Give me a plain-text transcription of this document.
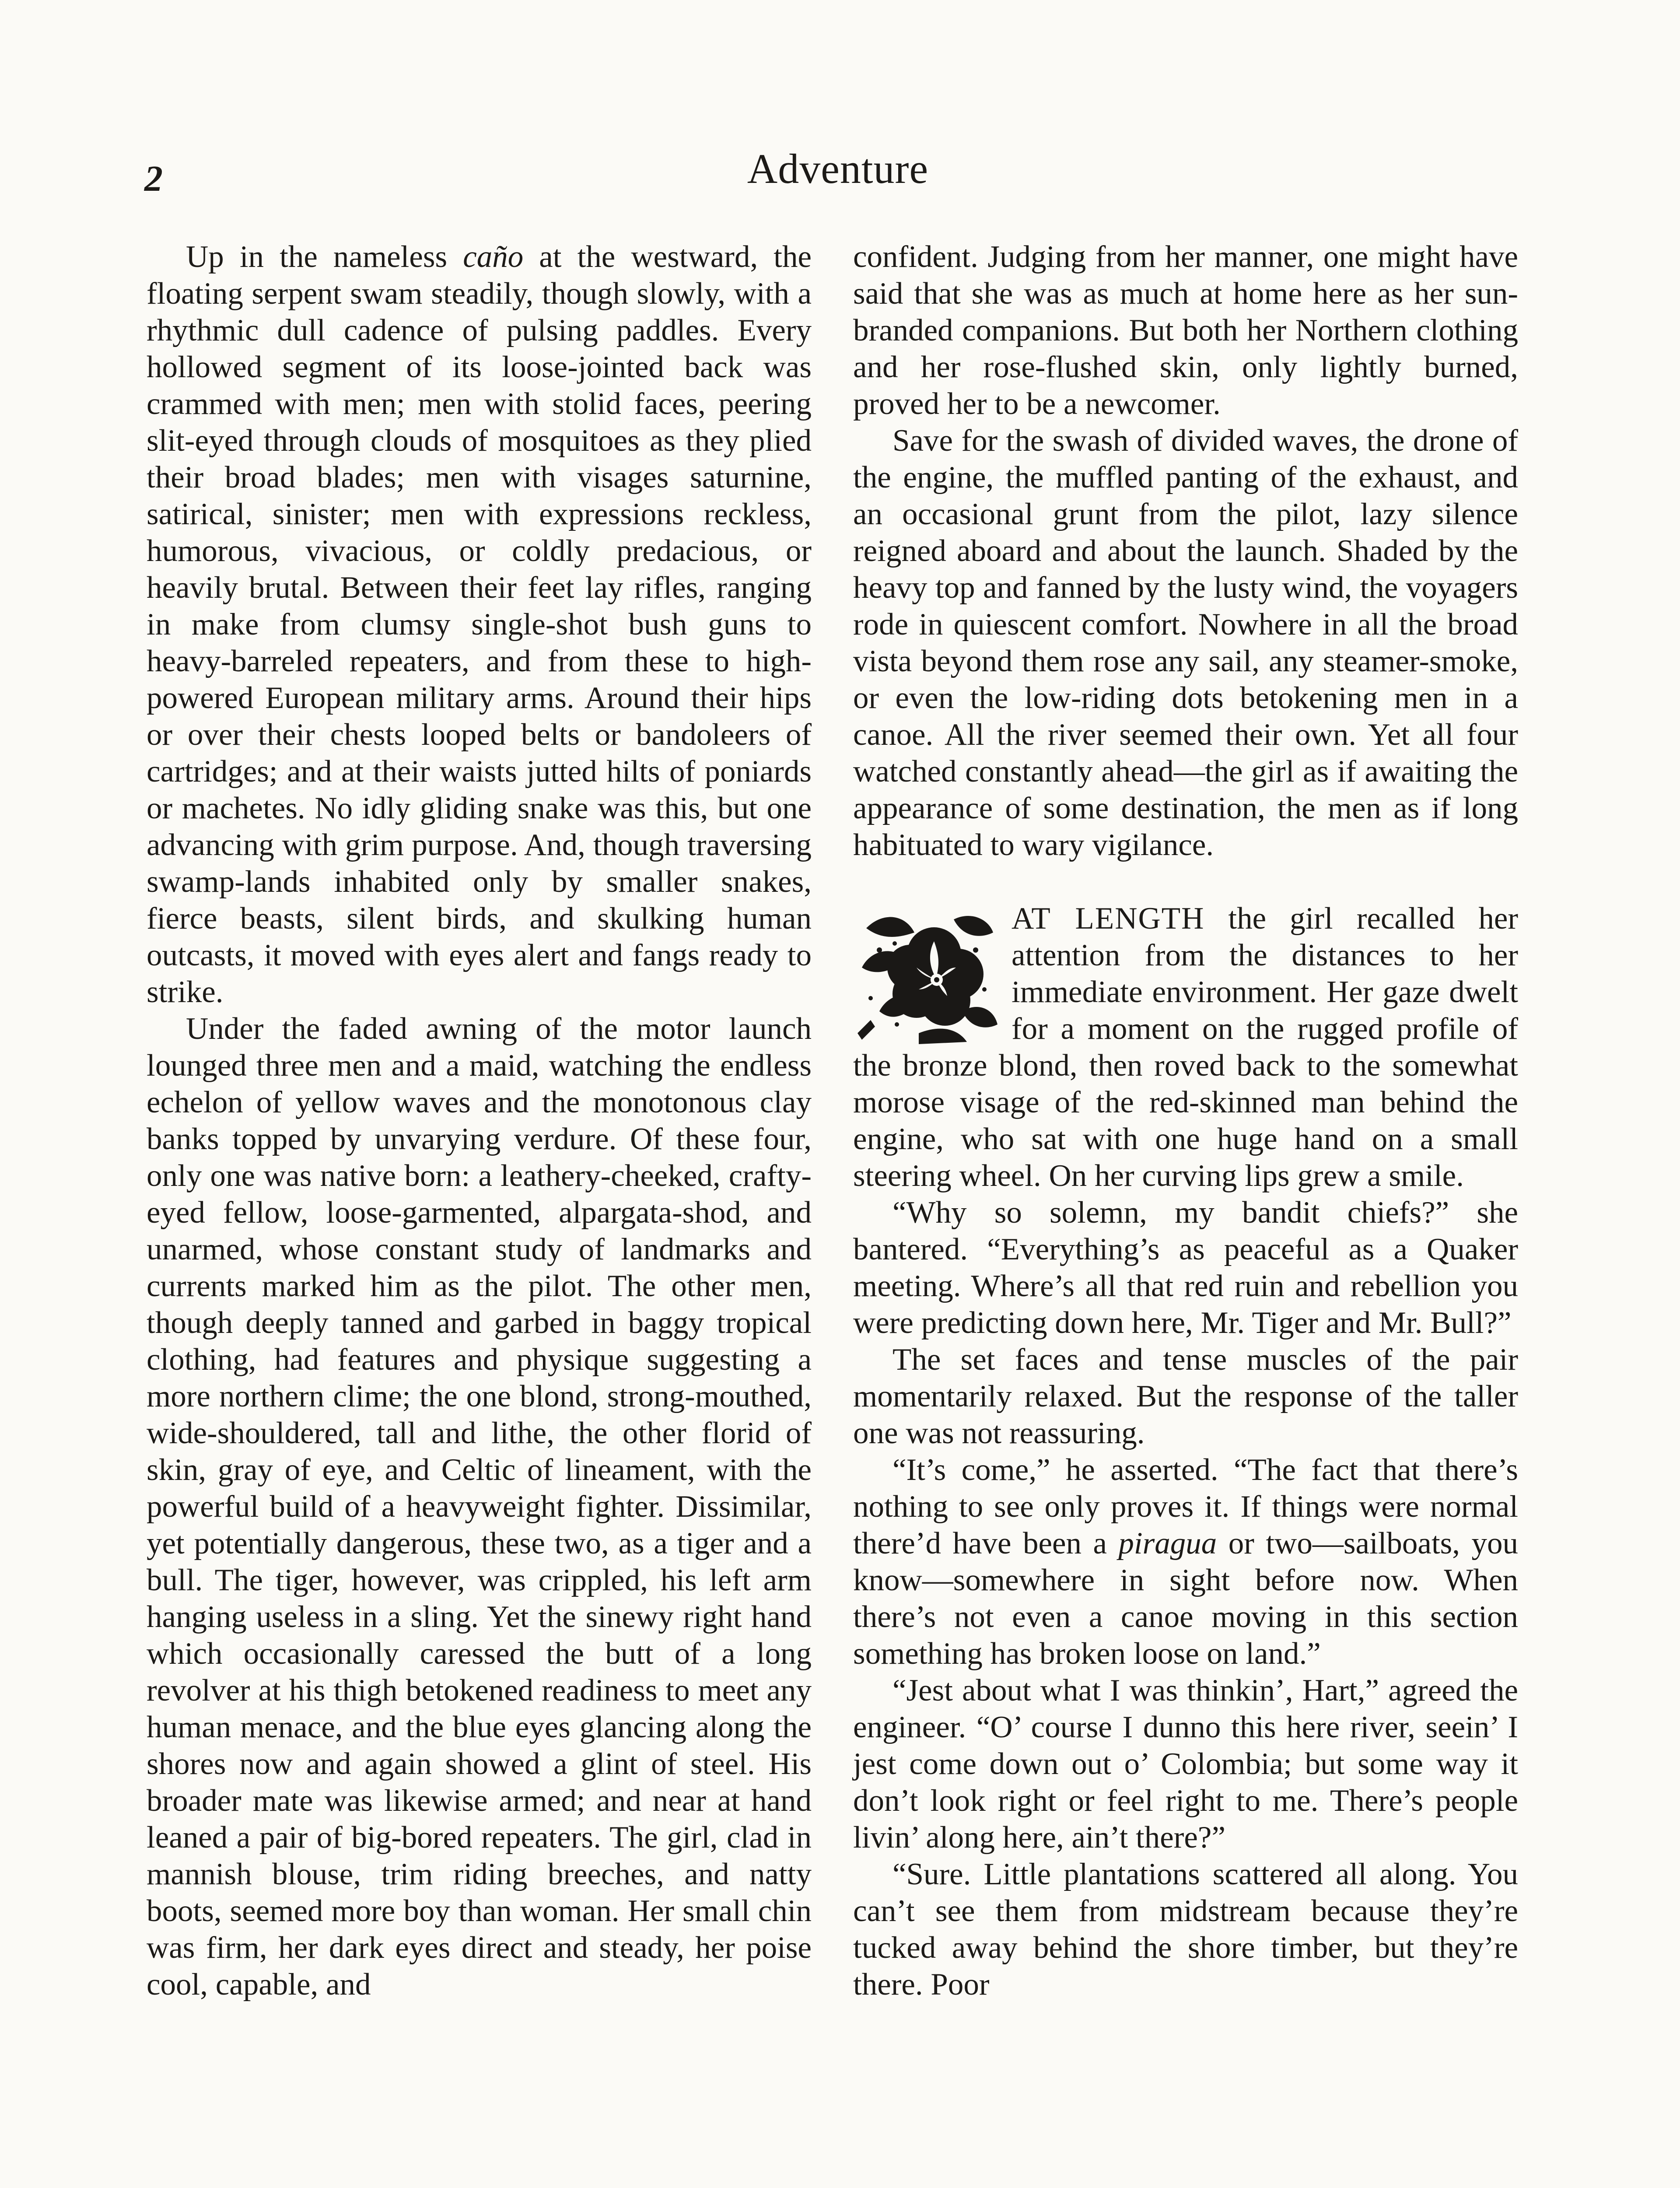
2	Adventure

Up in the nameless caño at the westward, the floating serpent swam steadily, though slowly, with a rhythmic dull cadence of pulsing paddles. Every hollowed segment of its loose-jointed back was crammed with men; men with stolid faces, peering slit-eyed through clouds of mosquitoes as they plied their broad blades; men with visages saturnine, satirical, sinister; men with expressions reckless, humorous, vivacious, or coldly predacious, or heavily brutal. Between their feet lay rifles, ranging in make from clumsy single-shot bush guns to heavy-barreled repeaters, and from these to high-powered European military arms. Around their hips or over their chests looped belts or bandoleers of cartridges; and at their waists jutted hilts of poniards or machetes. No idly gliding snake was this, but one advancing with grim purpose. And, though traversing swamp-lands inhabited only by smaller snakes, fierce beasts, silent birds, and skulking human outcasts, it moved with eyes alert and fangs ready to strike.

Under the faded awning of the motor launch lounged three men and a maid, watching the endless echelon of yellow waves and the monotonous clay banks topped by unvarying verdure. Of these four, only one was native born: a leathery-cheeked, crafty-eyed fellow, loose-garmented, alpargata-shod, and unarmed, whose constant study of landmarks and currents marked him as the pilot. The other men, though deeply tanned and garbed in baggy tropical clothing, had features and physique suggesting a more northern clime; the one blond, strong-mouthed, wide-shouldered, tall and lithe, the other florid of skin, gray of eye, and Celtic of lineament, with the powerful build of a heavyweight fighter. Dissimilar, yet potentially dangerous, these two, as a tiger and a bull. The tiger, however, was crippled, his left arm hanging useless in a sling. Yet the sinewy right hand which occasionally caressed the butt of a long revolver at his thigh betokened readiness to meet any human menace, and the blue eyes glancing along the shores now and again showed a glint of steel. His broader mate was likewise armed; and near at hand leaned a pair of big-bored repeaters. The girl, clad in mannish blouse, trim riding breeches, and natty boots, seemed more boy than woman. Her small chin was firm, her dark eyes direct and steady, her poise cool, capable, and

confident. Judging from her manner, one might have said that she was as much at home here as her sun-branded companions. But both her Northern clothing and her rose-flushed skin, only lightly burned, proved her to be a newcomer.

Save for the swash of divided waves, the drone of the engine, the muffled panting of the exhaust, and an occasional grunt from the pilot, lazy silence reigned aboard and about the launch. Shaded by the heavy top and fanned by the lusty wind, the voyagers rode in quiescent comfort. Nowhere in all the broad vista beyond them rose any sail, any steamer-smoke, or even the low-riding dots betokening men in a canoe. All the river seemed their own. Yet all four watched constantly ahead—the girl as if awaiting the appearance of some destination, the men as if long habituated to wary vigilance.

AT LENGTH the girl recalled her attention from the distances to her immediate environment. Her gaze dwelt for a moment on the rugged profile of the bronze blond, then roved back to the somewhat morose visage of the red-skinned man behind the engine, who sat with one huge hand on a small steering wheel. On her curving lips grew a smile.

“Why so solemn, my bandit chiefs?” she bantered. “Everything’s as peaceful as a Quaker meeting. Where’s all that red ruin and rebellion you were predicting down here, Mr. Tiger and Mr. Bull?”

The set faces and tense muscles of the pair momentarily relaxed. But the response of the taller one was not reassuring.

“It’s come,” he asserted. “The fact that there’s nothing to see only proves it. If things were normal there’d have been a piragua or two—sailboats, you know—somewhere in sight before now. When there’s not even a canoe moving in this section something has broken loose on land.”

“Jest about what I was thinkin’, Hart,” agreed the engineer. “O’ course I dunno this here river, seein’ I jest come down out o’ Colombia; but some way it don’t look right or feel right to me. There’s people livin’ along here, ain’t there?”

“Sure. Little plantations scattered all along. You can’t see them from midstream because they’re tucked away behind the shore timber, but they’re there. Poor
